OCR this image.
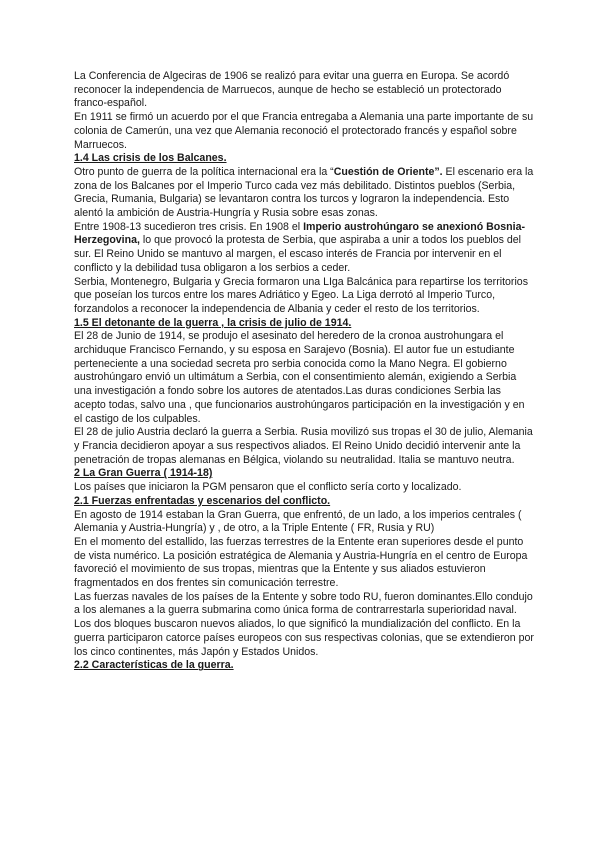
La Conferencia de Algeciras de 1906 se realizó para evitar una guerra en Europa. Se acordó reconocer la independencia de Marruecos, aunque de hecho se estableció un protectorado franco-español.

En 1911 se firmó un acuerdo por el que Francia entregaba a Alemania una parte importante de su colonia de Camerún, una vez que Alemania reconoció el protectorado francés y español sobre Marruecos.

1.4 Las crisis de los Balcanes.

Otro punto de guerra de la política internacional era la “Cuestión de Oriente”. El escenario era la zona de los Balcanes por el Imperio Turco cada vez más debilitado. Distintos pueblos (Serbia, Grecia, Rumania, Bulgaria) se levantaron contra los turcos y lograron la independencia. Esto alentó la ambición de Austria-Hungría y Rusia sobre esas zonas.

Entre 1908-13 sucedieron tres crisis. En 1908 el Imperio austrohúngaro se anexionó Bosnia-Herzegovina, lo que provocó la protesta de Serbia, que aspiraba a unir a todos los pueblos del sur. El Reino Unido se mantuvo al margen, el escaso interés de Francia por intervenir en el conflicto y la debilidad tusa obligaron a los serbios a ceder.

Serbia, Montenegro, Bulgaria y Grecia formaron una LIga Balcánica para repartirse los territorios que poseían los turcos entre los mares Adriático y Egeo. La Liga derrotó al Imperio Turco, forzandolos a reconocer la independencia de Albania y ceder el resto de los territorios.

1.5 El detonante de la guerra , la crisis de julio de 1914.

El 28 de Junio de 1914, se produjo el asesinato del heredero de la cronoa austrohungara el archiduque Francisco Fernando, y su esposa en Sarajevo (Bosnia). El autor fue un estudiante perteneciente a una sociedad secreta pro serbia conocida como la Mano Negra. El gobierno austrohúngaro envió un ultimátum a Serbia, con el consentimiento alemán, exigiendo a Serbia una investigación a fondo sobre los autores de atentados.Las duras condiciones Serbia las acepto todas, salvo una , que funcionarios austrohúngaros participación en la investigación y en el castigo de los culpables.

El 28 de julio Austria declaró la guerra a Serbia. Rusia movilizó sus tropas el 30 de julio, Alemania y Francia decidieron apoyar a sus respectivos aliados. El Reino Unido decidió intervenir ante la penetración de tropas alemanas en Bélgica, violando su neutralidad. Italia se mantuvo neutra.

2 La Gran Guerra ( 1914-18)

Los países que iniciaron la PGM pensaron que el conflicto sería corto y localizado.

2.1 Fuerzas enfrentadas y escenarios del conflicto.

En agosto de 1914 estaban la Gran Guerra, que enfrentó, de un lado, a los imperios centrales ( Alemania y Austria-Hungría) y , de otro, a la Triple Entente ( FR, Rusia y RU)

En el momento del estallido, las fuerzas terrestres de la Entente eran superiores desde el punto de vista numérico. La posición estratégica de Alemania y Austria-Hungría en el centro de Europa favoreció el movimiento de sus tropas, mientras que la Entente y sus aliados estuvieron fragmentados en dos frentes sin comunicación terrestre.

Las fuerzas navales de los países de la Entente y sobre todo RU, fueron dominantes.Ello condujo a los alemanes a la guerra submarina como única forma de contrarrestarla superioridad naval.

Los dos bloques buscaron nuevos aliados, lo que significó la mundialización del conflicto. En la guerra participaron catorce países europeos con sus respectivas colonias, que se extendieron por los cinco continentes, más Japón y Estados Unidos.

2.2 Características de la guerra.
